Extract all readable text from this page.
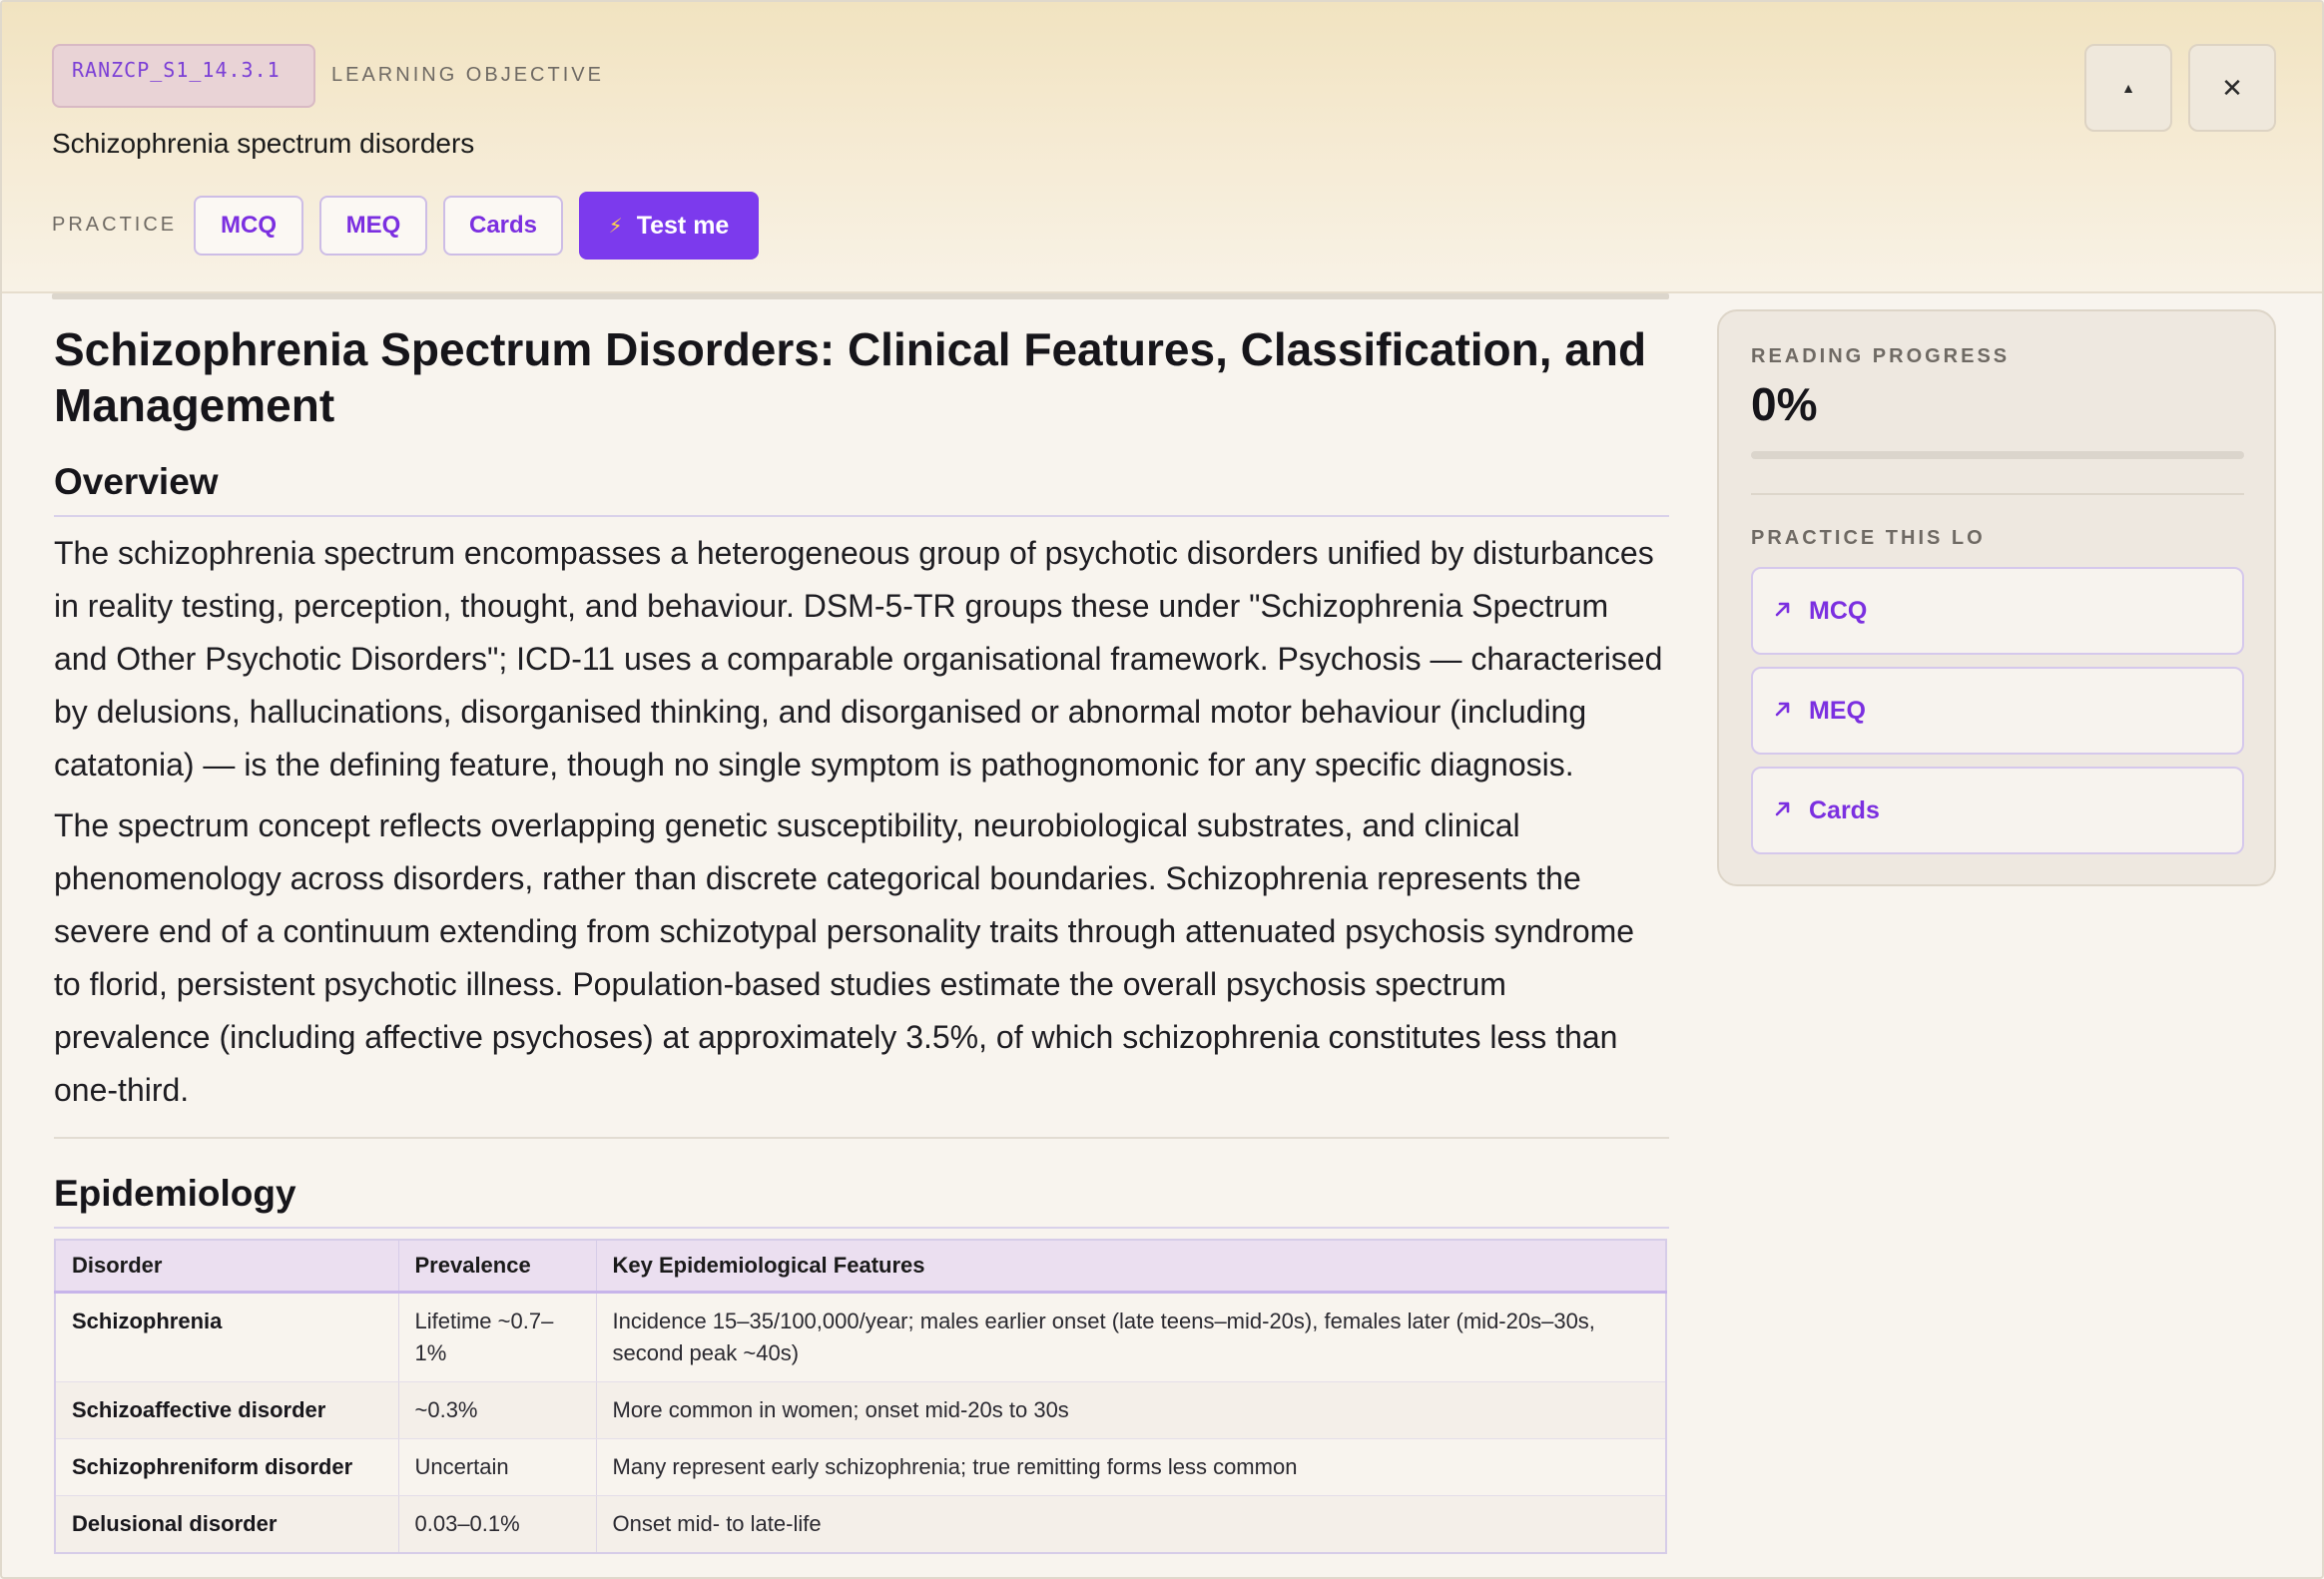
RANZCP_S1_14.3.1	LEARNING OBJECTIVE
Schizophrenia spectrum disorders
PRACTICE	MCQ	MEQ	Cards	⚡ Test me
▲	✕
Schizophrenia Spectrum Disorders: Clinical Features, Classification, and Management
Overview

The schizophrenia spectrum encompasses a heterogeneous group of psychotic disorders unified by disturbances in reality testing, perception, thought, and behaviour. DSM-5-TR groups these under "Schizophrenia Spectrum and Other Psychotic Disorders"; ICD-11 uses a comparable organisational framework. Psychosis — characterised by delusions, hallucinations, disorganised thinking, and disorganised or abnormal motor behaviour (including catatonia) — is the defining feature, though no single symptom is pathognomonic for any specific diagnosis.

The spectrum concept reflects overlapping genetic susceptibility, neurobiological substrates, and clinical phenomenology across disorders, rather than discrete categorical boundaries. Schizophrenia represents the severe end of a continuum extending from schizotypal personality traits through attenuated psychosis syndrome to florid, persistent psychotic illness. Population-based studies estimate the overall psychosis spectrum prevalence (including affective psychoses) at approximately 3.5%, of which schizophrenia constitutes less than one-third.

Epidemiology
Disorder	Prevalence	Key Epidemiological Features
Schizophrenia	Lifetime ~0.7–1%	Incidence 15–35/100,000/year; males earlier onset (late teens–mid-20s), females later (mid-20s–30s, second peak ~40s)
Schizoaffective disorder	~0.3%	More common in women; onset mid-20s to 30s
Schizophreniform disorder	Uncertain	Many represent early schizophrenia; true remitting forms less common
Delusional disorder	0.03–0.1%	Onset mid- to late-life
READING PROGRESS
0%
PRACTICE THIS LO
MCQ
MEQ
Cards
